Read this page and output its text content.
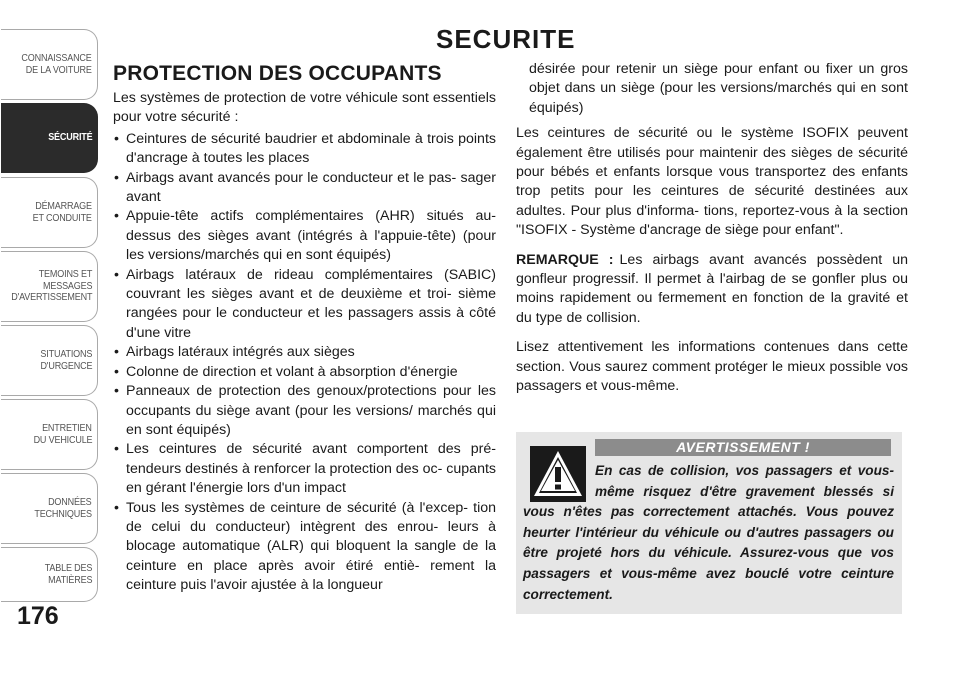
CONNAISSANCE
DE LA VOITURE
SÉCURITÉ
DÉMARRAGE
ET CONDUITE
TEMOINS ET
MESSAGES
D'AVERTISSEMENT
SITUATIONS
D'URGENCE
ENTRETIEN
DU VEHICULE
DONNÉES
TECHNIQUES
TABLE DES
MATIÈRES
176
SECURITE
PROTECTION DES OCCUPANTS

Les systèmes de protection de votre véhicule sont essentiels pour votre sécurité :

• Ceintures de sécurité baudrier et abdominale à trois points d'ancrage à toutes les places
• Airbags avant avancés pour le conducteur et le pas- sager avant
• Appuie-tête actifs complémentaires (AHR) situés au-dessus des sièges avant (intégrés à l'appuie-tête) (pour les versions/marchés qui en sont équipés)
• Airbags latéraux de rideau complémentaires (SABIC) couvrant les sièges avant et de deuxième et troi- sième rangées pour le conducteur et les passagers assis à côté d'une vitre
• Airbags latéraux intégrés aux sièges
• Colonne de direction et volant à absorption d'énergie
• Panneaux de protection des genoux/protections pour les occupants du siège avant (pour les versions/ marchés qui en sont équipés)
• Les ceintures de sécurité avant comportent des pré- tendeurs destinés à renforcer la protection des oc- cupants en gérant l'énergie lors d'un impact
• Tous les systèmes de ceinture de sécurité (à l'excep- tion de celui du conducteur) intègrent des enrou- leurs à blocage automatique (ALR) qui bloquent la sangle de la ceinture en place après avoir étiré entiè- rement la ceinture puis l'avoir ajustée à la longueur

désirée pour retenir un siège pour enfant ou fixer un gros objet dans un siège (pour les versions/marchés qui en sont équipés)

Les ceintures de sécurité ou le système ISOFIX peuvent également être utilisés pour maintenir des sièges de sécurité pour bébés et enfants lorsque vous transportez des enfants trop petits pour les ceintures de sécurité destinées aux adultes. Pour plus d'informa- tions, reportez-vous à la section "ISOFIX - Système d'ancrage de siège pour enfant".

REMARQUE : Les airbags avant avancés possèdent un gonfleur progressif. Il permet à l'airbag de se gonfler plus ou moins rapidement ou fermement en fonction de la gravité et du type de collision.

Lisez attentivement les informations contenues dans cette section. Vous saurez comment protéger le mieux possible vos passagers et vous-même.

AVERTISSEMENT !
En cas de collision, vos passagers et vous- même risquez d'être gravement blessés si vous n'êtes pas correctement attachés. Vous pouvez heurter l'intérieur du véhicule ou d'autres passagers ou être projeté hors du véhicule. Assurez-vous que vos passagers et vous-même avez bouclé votre ceinture correctement.
